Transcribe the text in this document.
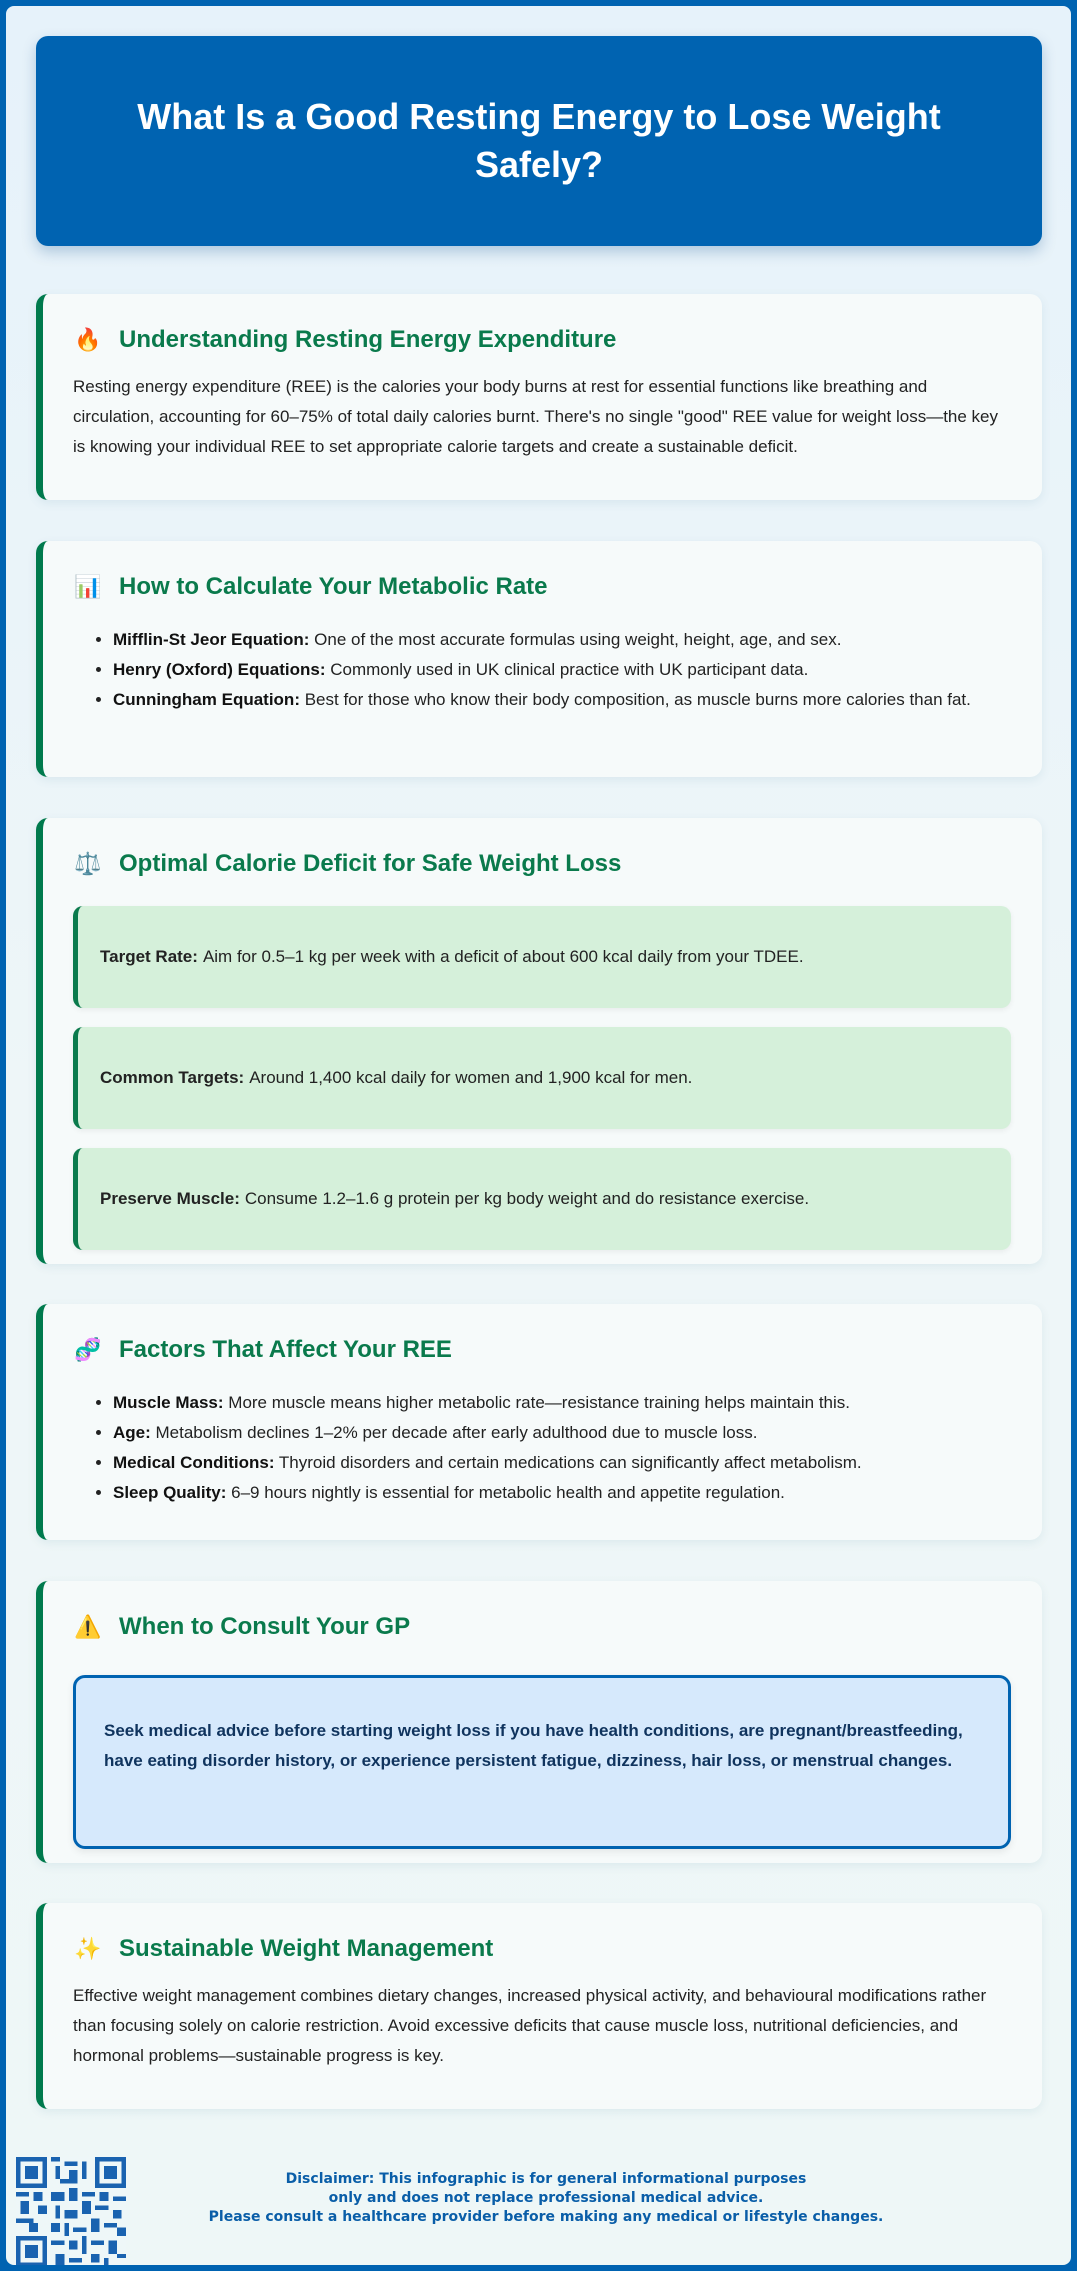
What Is a Good Resting Energy to Lose Weight Safely?
🔥 Understanding Resting Energy Expenditure

Resting energy expenditure (REE) is the calories your body burns at rest for essential functions like breathing and circulation, accounting for 60–75% of total daily calories burnt. There's no single "good" REE value for weight loss—the key is knowing your individual REE to set appropriate calorie targets and create a sustainable deficit.

📊 How to Calculate Your Metabolic Rate
• Mifflin-St Jeor Equation: One of the most accurate formulas using weight, height, age, and sex.
• Henry (Oxford) Equations: Commonly used in UK clinical practice with UK participant data.
• Cunningham Equation: Best for those who know their body composition, as muscle burns more calories than fat.
⚖️ Optimal Calorie Deficit for Safe Weight Loss
Target Rate: Aim for 0.5–1 kg per week with a deficit of about 600 kcal daily from your TDEE.
Common Targets: Around 1,400 kcal daily for women and 1,900 kcal for men.
Preserve Muscle: Consume 1.2–1.6 g protein per kg body weight and do resistance exercise.
🧬 Factors That Affect Your REE
• Muscle Mass: More muscle means higher metabolic rate—resistance training helps maintain this.
• Age: Metabolism declines 1–2% per decade after early adulthood due to muscle loss.
• Medical Conditions: Thyroid disorders and certain medications can significantly affect metabolism.
• Sleep Quality: 6–9 hours nightly is essential for metabolic health and appetite regulation.
⚠️ When to Consult Your GP

Seek medical advice before starting weight loss if you have health conditions, are pregnant/breastfeeding, have eating disorder history, or experience persistent fatigue, dizziness, hair loss, or menstrual changes.

✨ Sustainable Weight Management

Effective weight management combines dietary changes, increased physical activity, and behavioural modifications rather than focusing solely on calorie restriction. Avoid excessive deficits that cause muscle loss, nutritional deficiencies, and hormonal problems—sustainable progress is key.

Disclaimer: This infographic is for general informational purposes
only and does not replace professional medical advice.
Please consult a healthcare provider before making any medical or lifestyle changes.
